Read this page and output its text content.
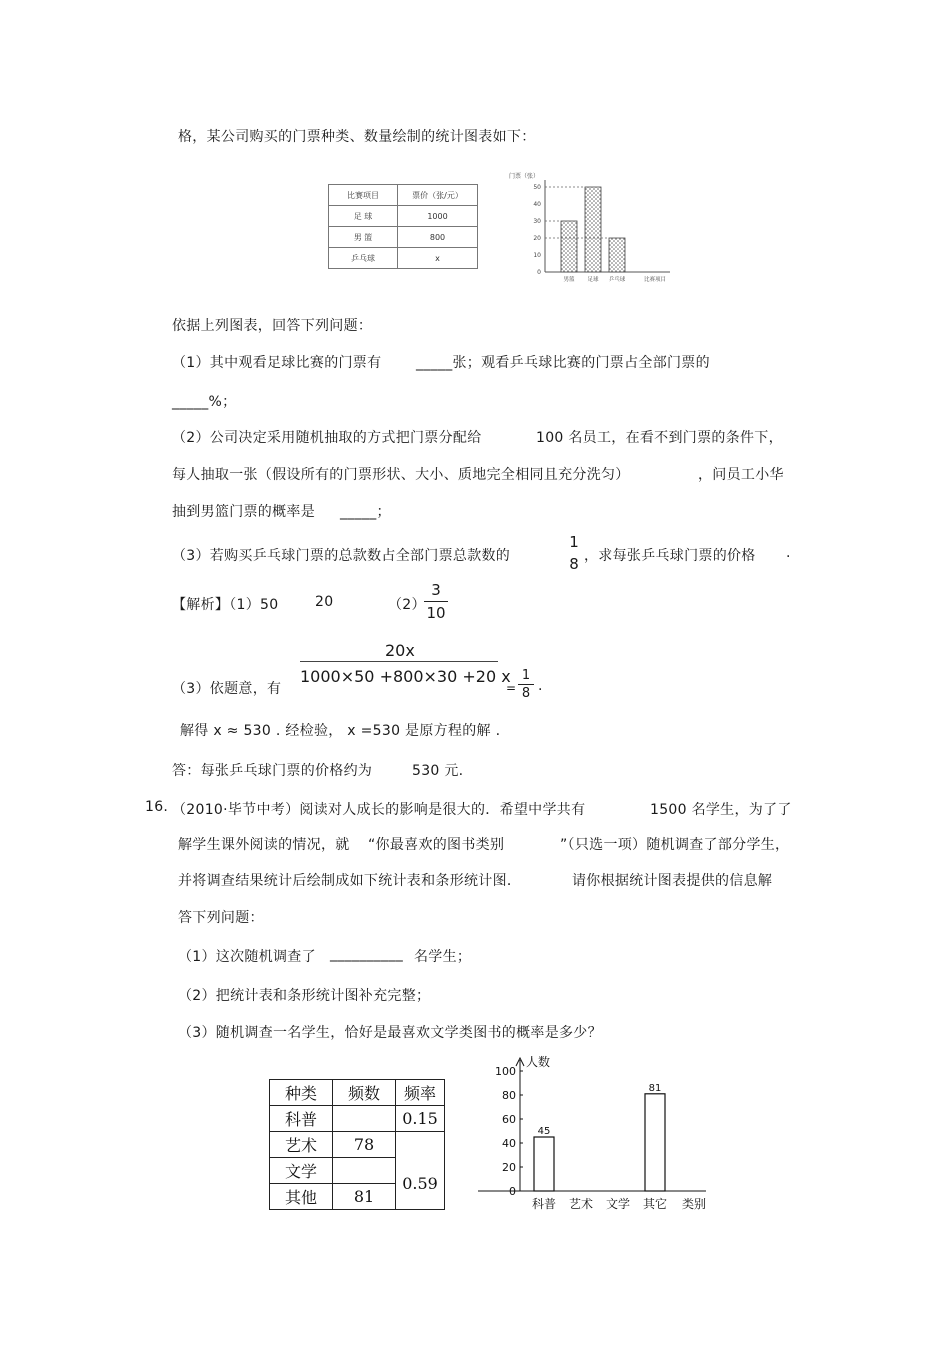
格，某公司购买的门票种类、数量绘制的统计图表如下：
比赛项目	票价（张/元）
足 球	1000
男 篮	800
乒乓球	x
门票（张）
0
10
20
30
40
50
男篮 足球 乒乓球	比赛项目
依据上列图表，回答下列问题：
（1）其中观看足球比赛的门票有 _____张；观看乒乓球比赛的门票占全部门票的
_____%；
（2）公司决定采用随机抽取的方式把门票分配给	100 名员工，在看不到门票的条件下，
每人抽取一张（假设所有的门票形状、大小、质地完全相同且充分洗匀）	，问员工小华
抽到男篮门票的概率是 _____；
（3）若购买乒乓球门票的总款数占全部门票总款数的
1
8 ，求每张乒乓球门票的价格 .
【解析】（1）50	20	（2）
3
10
20x
1000×50 +800×30 +20 x
（3）依题意，有	=
1
8 .
解得 x ≈ 530 . 经检验， x =530 是原方程的解 .
答：每张乒乓球门票的价格约为	530 元.
16. （2010·毕节中考）阅读对人成长的影响是很大的．希望中学共有	1500 名学生，为了了
解学生课外阅读的情况，就 “你最喜欢的图书类别	”（只选一项）随机调查了部分学生，
并将调查结果统计后绘制成如下统计表和条形统计图．	请你根据统计图表提供的信息解
答下列问题：
（1）这次随机调查了 __________ 名学生；
（2）把统计表和条形统计图补充完整；
（3）随机调查一名学生，恰好是最喜欢文学类图书的概率是多少？
种类	频数	频率
科普		0.15
艺术	78	
文学		0.59
其他	81	
人数
0
20
40
60
80
100
45
科普 艺术 文学
81
其它 类别
